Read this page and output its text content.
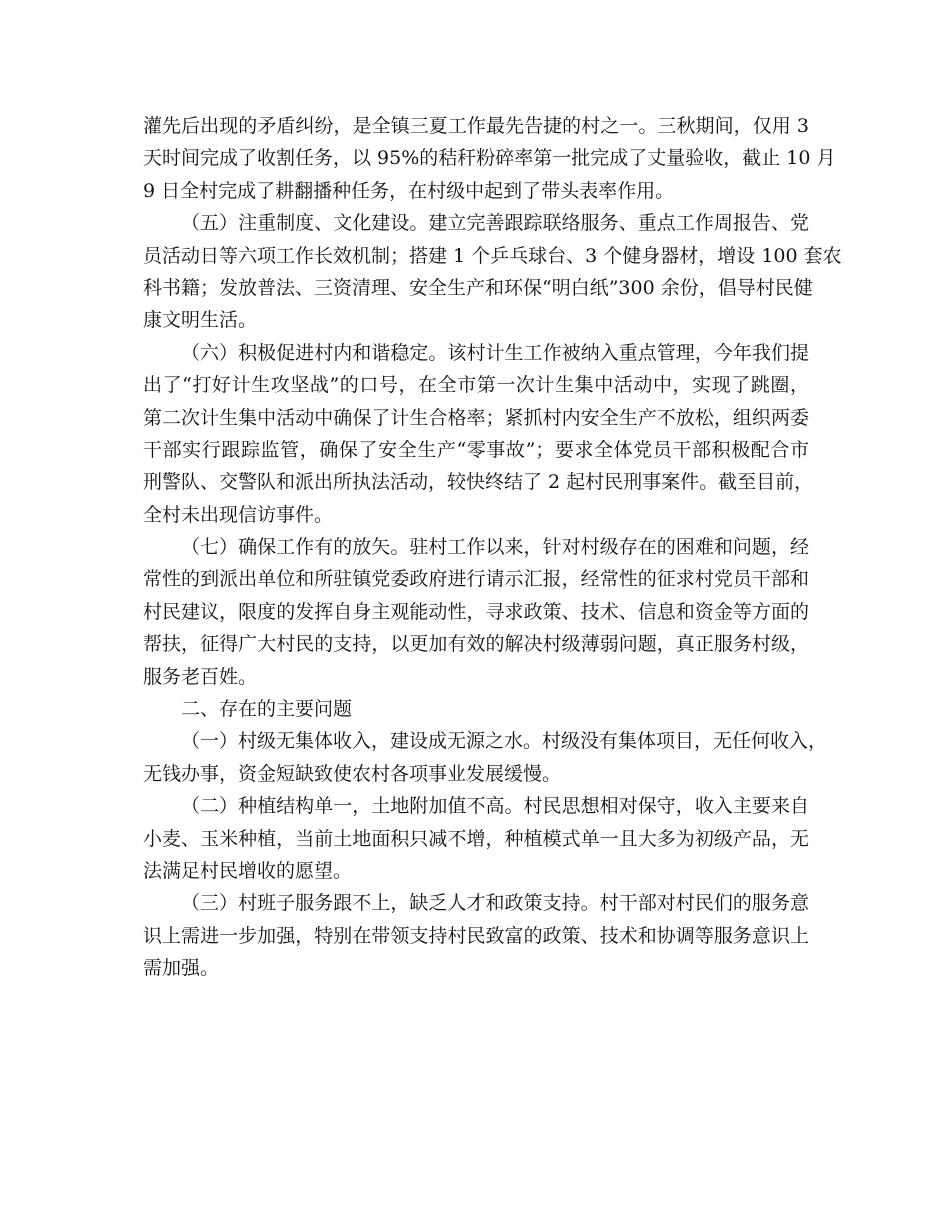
灌先后出现的矛盾纠纷，是全镇三夏工作最先告捷的村之一。三秋期间，仅用 3
天时间完成了收割任务，以 95%的秸秆粉碎率第一批完成了丈量验收，截止 10 月
9 日全村完成了耕翻播种任务，在村级中起到了带头表率作用。
（五）注重制度、文化建设。建立完善跟踪联络服务、重点工作周报告、党
员活动日等六项工作长效机制；搭建 1 个乒乓球台、3 个健身器材，增设 100 套农
科书籍；发放普法、三资清理、安全生产和环保“明白纸”300 余份，倡导村民健
康文明生活。
（六）积极促进村内和谐稳定。该村计生工作被纳入重点管理，今年我们提
出了“打好计生攻坚战”的口号，在全市第一次计生集中活动中，实现了跳圈，
第二次计生集中活动中确保了计生合格率；紧抓村内安全生产不放松，组织两委
干部实行跟踪监管，确保了安全生产“零事故”；要求全体党员干部积极配合市
刑警队、交警队和派出所执法活动，较快终结了 2 起村民刑事案件。截至目前，
全村未出现信访事件。
（七）确保工作有的放矢。驻村工作以来，针对村级存在的困难和问题，经
常性的到派出单位和所驻镇党委政府进行请示汇报，经常性的征求村党员干部和
村民建议，限度的发挥自身主观能动性，寻求政策、技术、信息和资金等方面的
帮扶，征得广大村民的支持，以更加有效的解决村级薄弱问题，真正服务村级，
服务老百姓。
二、存在的主要问题
（一）村级无集体收入，建设成无源之水。村级没有集体项目，无任何收入，
无钱办事，资金短缺致使农村各项事业发展缓慢。
（二）种植结构单一，土地附加值不高。村民思想相对保守，收入主要来自
小麦、玉米种植，当前土地面积只减不增，种植模式单一且大多为初级产品，无
法满足村民增收的愿望。
（三）村班子服务跟不上，缺乏人才和政策支持。村干部对村民们的服务意
识上需进一步加强，特别在带领支持村民致富的政策、技术和协调等服务意识上
需加强。
